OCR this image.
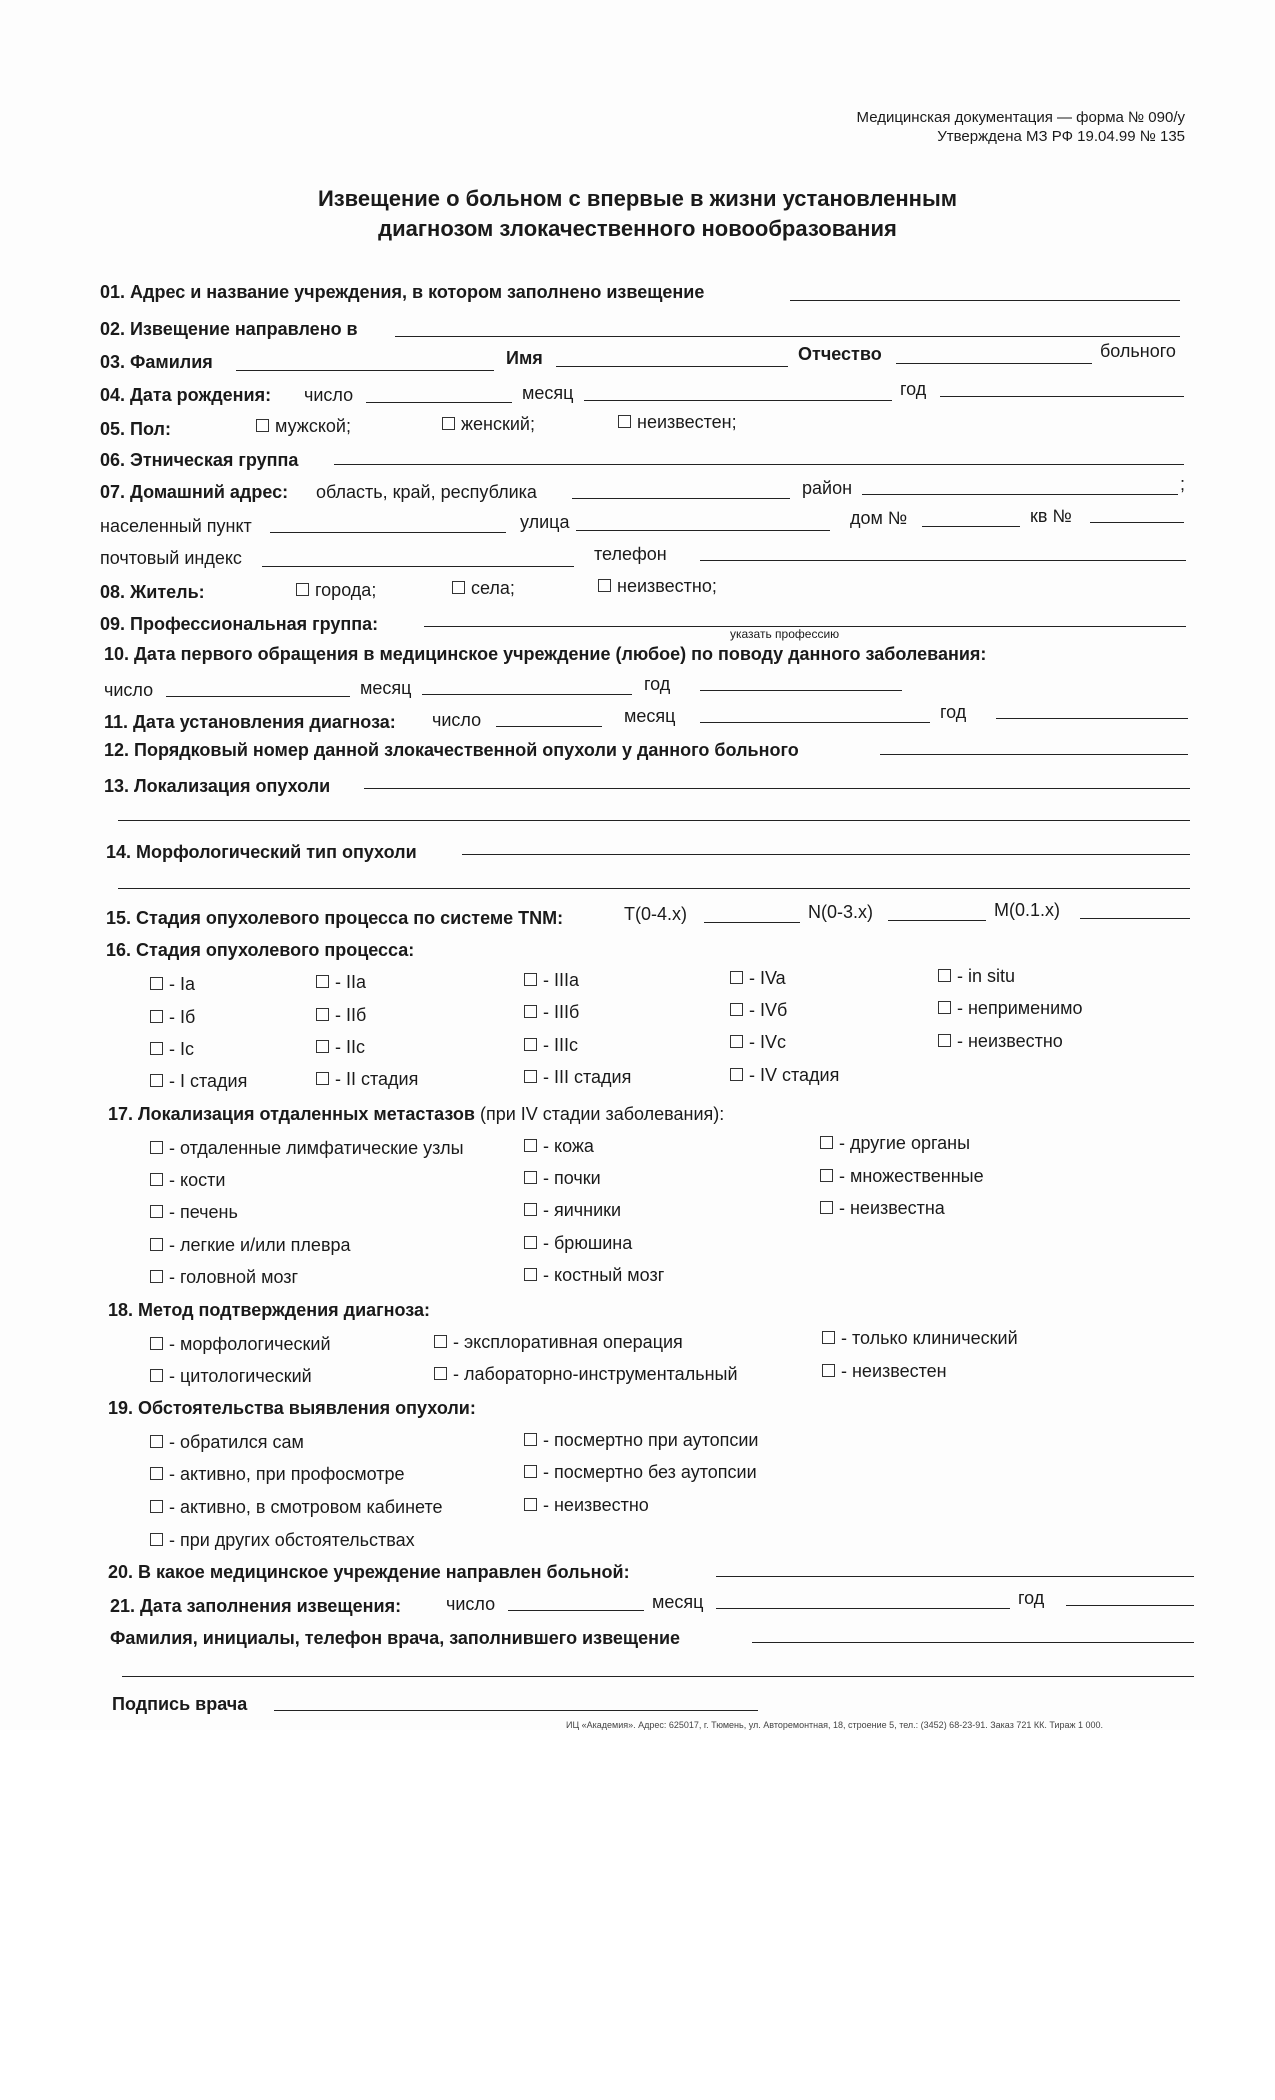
Медицинская документация — форма № 090/у
Утверждена МЗ РФ 19.04.99 № 135
Извещение о больном с впервые в жизни установленным
диагнозом злокачественного новообразования
01. Адрес и название учреждения, в котором заполнено извещение
02. Извещение направлено в
03. Фамилия	Имя	Отчество	больного
04. Дата рождения: число	месяц	год
05. Пол:	мужской;	женский;	неизвестен;
06. Этническая группа
07. Домашний адрес: область, край, республика	район	;
населенный пункт	улица	дом №	кв №
почтовый индекс	телефон
08. Житель:	города;	села;	неизвестно;
09. Профессиональная группа:	указать профессию
10. Дата первого обращения в медицинское учреждение (любое) по поводу данного заболевания:
число	месяц	год
11. Дата установления диагноза: число	месяц	год
12. Порядковый номер данной злокачественной опухоли у данного больного
13. Локализация опухоли
14. Морфологический тип опухоли
15. Стадия опухолевого процесса по системе TNM:	Т(0-4.х)	N(0-3.х)	M(0.1.х)
16. Стадия опухолевого процесса:
- Ia
- Iб
- Ic
- I стадия
- IIa
- IIб
- IIc
- II стадия
- IIIa
- IIIб
- IIIc
- III стадия
- IVa
- IVб
- IVc
- IV стадия
- in situ
- неприменимо
- неизвестно
17. Локализация отдаленных метастазов (при IV стадии заболевания):
- отдаленные лимфатические узлы
- кости
- печень
- легкие и/или плевра
- головной мозг
- кожа
- почки
- яичники
- брюшина
- костный мозг
- другие органы
- множественные
- неизвестна
18. Метод подтверждения диагноза:
- морфологический
- цитологический
- эксплоративная операция
- лабораторно-инструментальный
- только клинический
- неизвестен
19. Обстоятельства выявления опухоли:
- обратился сам
- активно, при профосмотре
- активно, в смотровом кабинете
- при других обстоятельствах
- посмертно при аутопсии
- посмертно без аутопсии
- неизвестно
20. В какое медицинское учреждение направлен больной:
21. Дата заполнения извещения: число	месяц	год
Фамилия, инициалы, телефон врача, заполнившего извещение
Подпись врача
ИЦ «Академия». Адрес: 625017, г. Тюмень, ул. Авторемонтная, 18, строение 5, тел.: (3452) 68-23-91. Заказ 721 КК. Тираж 1 000.
